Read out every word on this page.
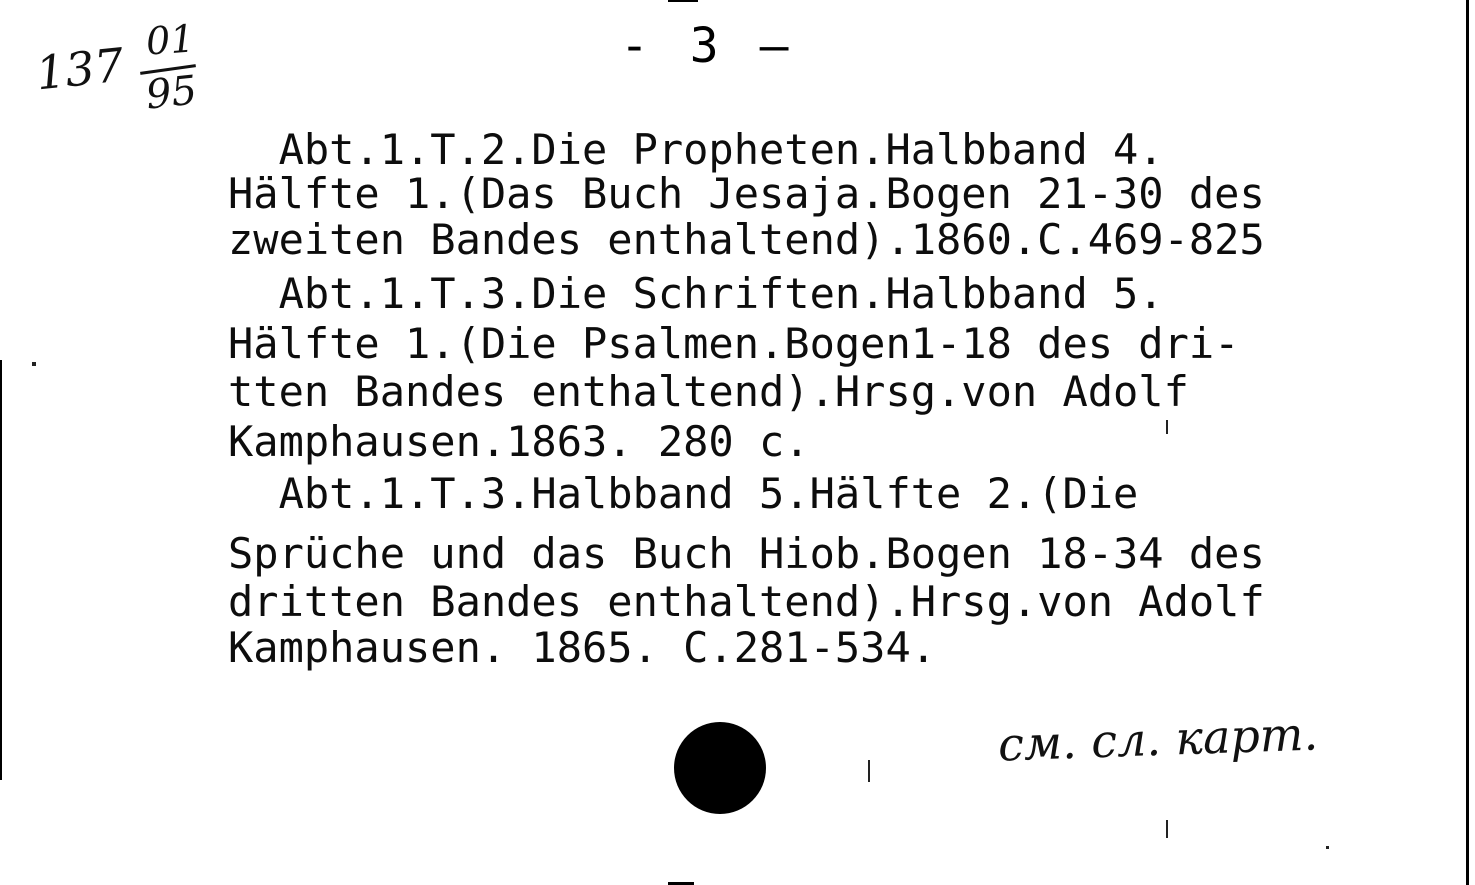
137 01
95
- 3 —
Abt.1.T.2.Die Propheten.Halbband 4.
Hälfte 1.(Das Buch Jesaja.Bogen 21-30 des
zweiten Bandes enthaltend).1860.C.469-825
Abt.1.T.3.Die Schriften.Halbband 5.
Hälfte 1.(Die Psalmen.Bogen1-18 des dri-
tten Bandes enthaltend).Hrsg.von Adolf
Kamphausen.1863. 280 c.
Abt.1.T.3.Halbband 5.Hälfte 2.(Die
Sprüche und das Buch Hiob.Bogen 18-34 des
dritten Bandes enthaltend).Hrsg.von Adolf
Kamphausen. 1865. C.281-534.
см. сл. карт.
